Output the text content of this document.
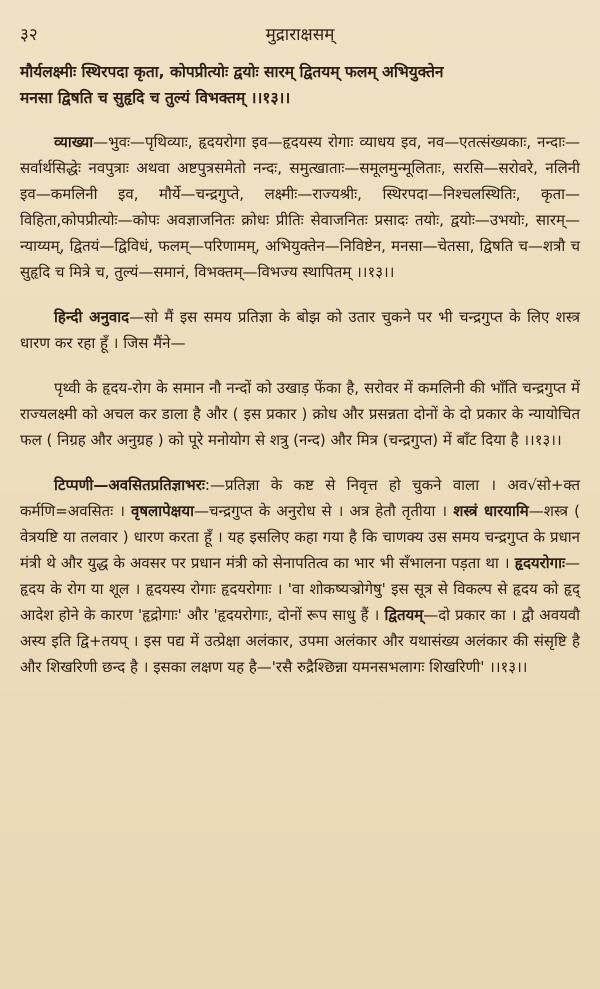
३२	मुद्राराक्षसम्
मौर्यलक्ष्मीः स्थिरपदा कृता, कोपप्रीत्योः द्वयोः सारम् द्वितयम् फलम् अभियुक्तेन
मनसा द्विषति च सुहृदि च तुल्यं विभक्तम् ।।१३।।

व्याख्या—भुवः—पृथिव्याः, हृदयरोगा इव—हृदयस्य रोगाः व्याधय इव, नव—एतत्संख्यकाः, नन्दाः—सर्वार्थसिद्धेः नवपुत्राः अथवा अष्टपुत्रसमेतो नन्दः, समुत्खाताः—समूलमुन्मूलिताः, सरसि—सरोवरे, नलिनी इव—कमलिनी इव, मौर्ये—चन्द्रगुप्ते, लक्ष्मीः—राज्यश्रीः, स्थिरपदा—निश्चलस्थितिः, कृता—विहिता,कोपप्रीत्योः—कोपः अवज्ञाजनितः क्रोधः प्रीतिः सेवाजनितः प्रसादः तयोः, द्वयोः—उभयोः, सारम्—न्याय्यम्, द्वितयं—द्विविधं, फलम्—परिणामम्, अभियुक्तेन—निविष्टेन, मनसा—चेतसा, द्विषति च—शत्रौ च सुहृदि च मित्रे च, तुल्यं—समानं, विभक्तम्—विभज्य स्थापितम् ।।१३।।

हिन्दी अनुवाद—सो मैं इस समय प्रतिज्ञा के बोझ को उतार चुकने पर भी चन्द्रगुप्त के लिए शस्त्र धारण कर रहा हूँ । जिस मैंने—

पृथ्वी के हृदय-रोग के समान नौ नन्दों को उखाड़ फेंका है, सरोवर में कमलिनी की भाँति चन्द्रगुप्त में राज्यलक्ष्मी को अचल कर डाला है और ( इस प्रकार ) क्रोध और प्रसन्नता दोनों के दो प्रकार के न्यायोचित फल ( निग्रह और अनुग्रह ) को पूरे मनोयोग से शत्रु (नन्द) और मित्र (चन्द्रगुप्त) में बाँट दिया है ।।१३।।

टिप्पणी—अवसितप्रतिज्ञाभरः:—प्रतिज्ञा के कष्ट से निवृत्त हो चुकने वाला । अव√सो+क्त कर्मणि=अवसितः । वृषलापेक्षया—चन्द्रगुप्त के अनुरोध से । अत्र हेतौ तृतीया । शस्त्रं धारयामि—शस्त्र ( वेत्रयष्टि या तलवार ) धारण करता हूँ । यह इसलिए कहा गया है कि चाणक्य उस समय चन्द्रगुप्त के प्रधान मंत्री थे और युद्ध के अवसर पर प्रधान मंत्री को सेनापतित्व का भार भी सँभालना पड़ता था । हृदयरोगाः—हृदय के रोग या शूल । हृदयस्य रोगाः हृदयरोगाः । 'वा शोकष्यञ्रोगेषु' इस सूत्र से विकल्प से हृदय को हृद् आदेश होने के कारण 'हृद्रोगाः' और 'हृदयरोगाः, दोनों रूप साधु हैं । द्वितयम्—दो प्रकार का । द्वौ अवयवौ अस्य इति द्वि+तयप् । इस पद्य में उत्प्रेक्षा अलंकार, उपमा अलंकार और यथासंख्य अलंकार की संसृष्टि है और शिखरिणी छन्द है । इसका लक्षण यह है—'रसै रुद्रैश्छिन्ना यमनसभलागः शिखरिणी' ।।१३।।
